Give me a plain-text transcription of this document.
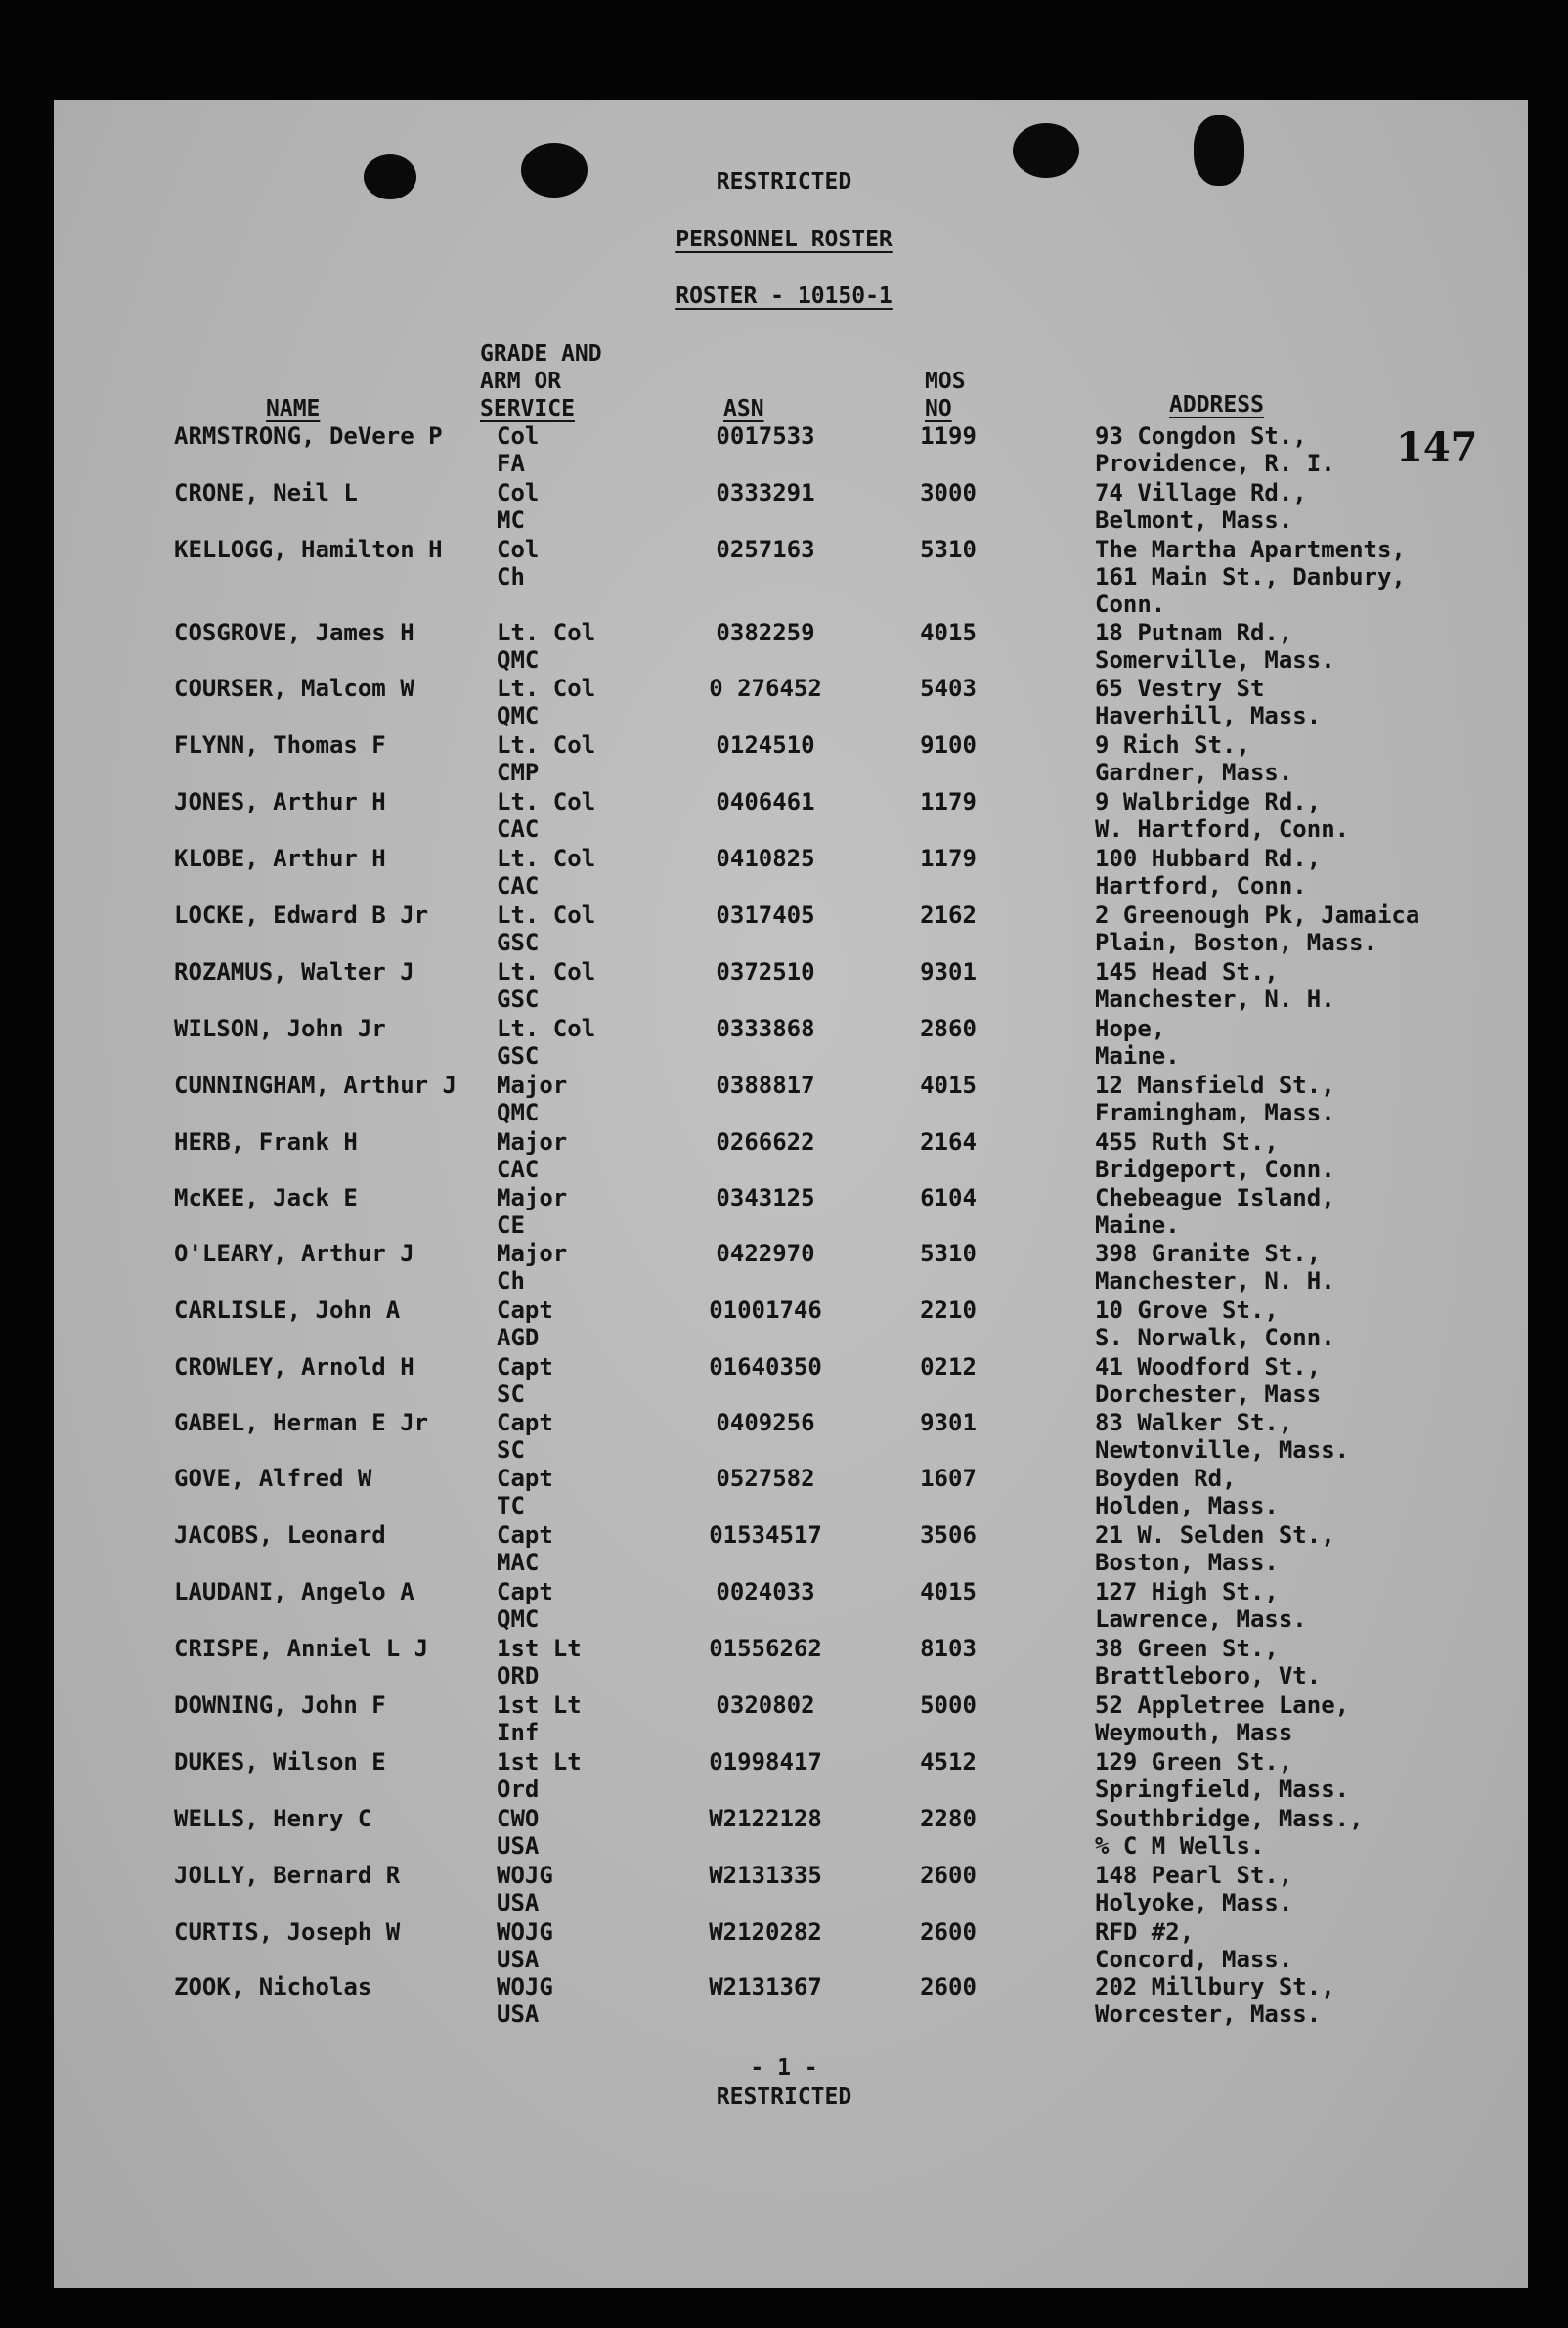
RESTRICTED
PERSONNEL ROSTER
ROSTER - 10150-1
147
NAME
GRADE AND
ARM OR
SERVICE	ASN
MOS
NO	ADDRESS
ARMSTRONG, DeVere P Col
FA
0017533	1199	93 Congdon St.,
Providence, R. I.
CRONE, Neil L	Col
MC
0333291	3000	74 Village Rd.,
Belmont, Mass.
KELLOGG, Hamilton H Col
Ch
0257163	5310	The Martha Apartments,
161 Main St., Danbury,
Conn.
COSGROVE, James H	Lt. Col
QMC
0382259	4015	18 Putnam Rd.,
Somerville, Mass.
COURSER, Malcom W	Lt. Col
QMC
0 276452	5403	65 Vestry St
Haverhill, Mass.
FLYNN, Thomas F	Lt. Col
CMP
0124510	9100	9 Rich St.,
Gardner, Mass.
JONES, Arthur H	Lt. Col
CAC
0406461	1179	9 Walbridge Rd.,
W. Hartford, Conn.
KLOBE, Arthur H	Lt. Col
CAC
0410825	1179	100 Hubbard Rd.,
Hartford, Conn.
LOCKE, Edward B Jr	Lt. Col
GSC
0317405	2162	2 Greenough Pk, Jamaica
Plain, Boston, Mass.
ROZAMUS, Walter J	Lt. Col
GSC
0372510	9301	145 Head St.,
Manchester, N. H.
WILSON, John Jr	Lt. Col
GSC
0333868	2860	Hope,
Maine.
CUNNINGHAM, Arthur J Major
QMC
0388817	4015	12 Mansfield St.,
Framingham, Mass.
HERB, Frank H	Major
CAC
0266622	2164	455 Ruth St.,
Bridgeport, Conn.
McKEE, Jack E	Major
CE
0343125	6104	Chebeague Island,
Maine.
O'LEARY, Arthur J	Major
Ch
0422970	5310	398 Granite St.,
Manchester, N. H.
CARLISLE, John A	Capt
AGD
01001746	2210	10 Grove St.,
S. Norwalk, Conn.
CROWLEY, Arnold H	Capt
SC
01640350	0212	41 Woodford St.,
Dorchester, Mass
GABEL, Herman E Jr	Capt
SC
0409256	9301	83 Walker St.,
Newtonville, Mass.
GOVE, Alfred W	Capt
TC
0527582	1607	Boyden Rd,
Holden, Mass.
JACOBS, Leonard	Capt
MAC
01534517	3506	21 W. Selden St.,
Boston, Mass.
LAUDANI, Angelo A	Capt
QMC
0024033	4015	127 High St.,
Lawrence, Mass.
CRISPE, Anniel L J	1st Lt
ORD
01556262	8103	38 Green St.,
Brattleboro, Vt.
DOWNING, John F	1st Lt
Inf
0320802	5000	52 Appletree Lane,
Weymouth, Mass
DUKES, Wilson E	1st Lt
Ord
01998417	4512	129 Green St.,
Springfield, Mass.
WELLS, Henry C	CWO
USA
W2122128	2280	Southbridge, Mass.,
% C M Wells.
JOLLY, Bernard R	WOJG
USA
W2131335	2600	148 Pearl St.,
Holyoke, Mass.
CURTIS, Joseph W	WOJG
USA
W2120282	2600	RFD #2,
Concord, Mass.
ZOOK, Nicholas	WOJG
USA
W2131367	2600	202 Millbury St.,
Worcester, Mass.
- 1 -
RESTRICTED
